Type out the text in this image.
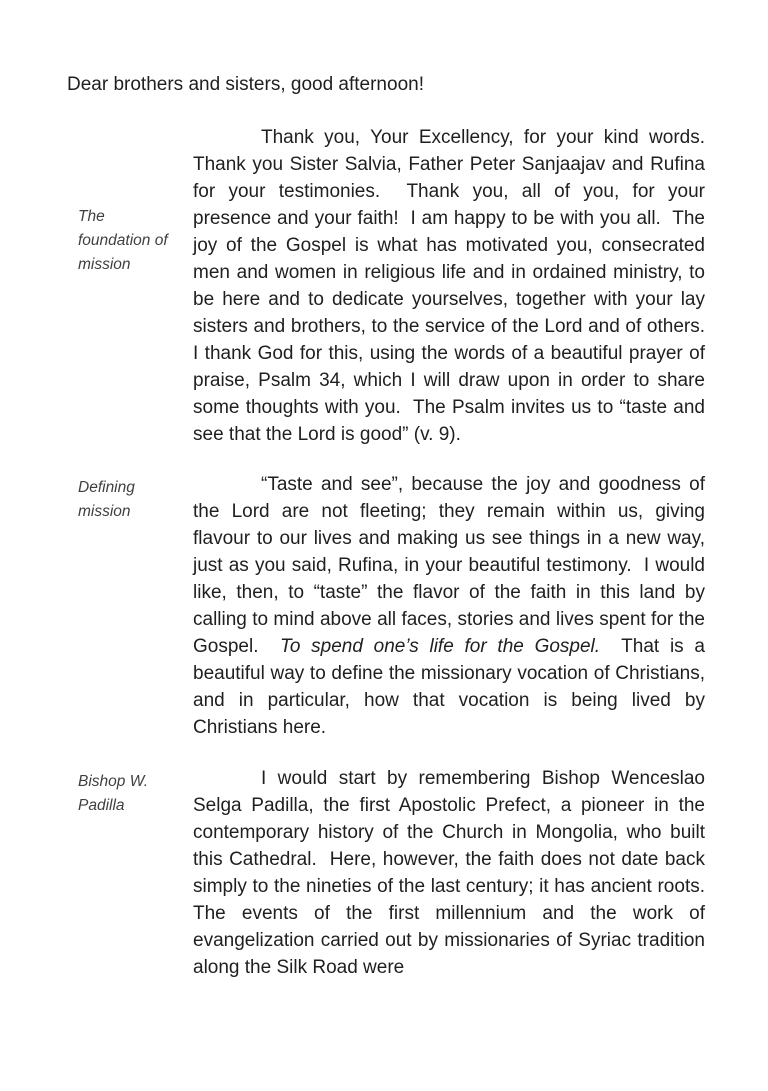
Dear brothers and sisters, good afternoon!

The
foundation of
mission

Thank you, Your Excellency, for your kind words.  Thank you Sister Salvia, Father Peter Sanjaajav and Rufina for your testimonies.  Thank you, all of you, for your presence and your faith!  I am happy to be with you all.  The joy of the Gospel is what has motivated you, consecrated men and women in religious life and in ordained ministry, to be here and to dedicate yourselves, together with your lay sisters and brothers, to the service of the Lord and of others.  I thank God for this, using the words of a beautiful prayer of praise, Psalm 34, which I will draw upon in order to share some thoughts with you.  The Psalm invites us to “taste and see that the Lord is good” (v. 9).

Defining
mission

“Taste and see”, because the joy and goodness of the Lord are not fleeting; they remain within us, giving flavour to our lives and making us see things in a new way, just as you said, Rufina, in your beautiful testimony.  I would like, then, to “taste” the flavor of the faith in this land by calling to mind above all faces, stories and lives spent for the Gospel.  To spend one’s life for the Gospel.  That is a beautiful way to define the missionary vocation of Christians, and in particular, how that vocation is being lived by Christians here.

Bishop W.
Padilla

I would start by remembering Bishop Wenceslao Selga Padilla, the first Apostolic Prefect, a pioneer in the contemporary history of the Church in Mongolia, who built this Cathedral.  Here, however, the faith does not date back simply to the nineties of the last century; it has ancient roots.  The events of the first millennium and the work of evangelization carried out by missionaries of Syriac tradition along the Silk Road were
